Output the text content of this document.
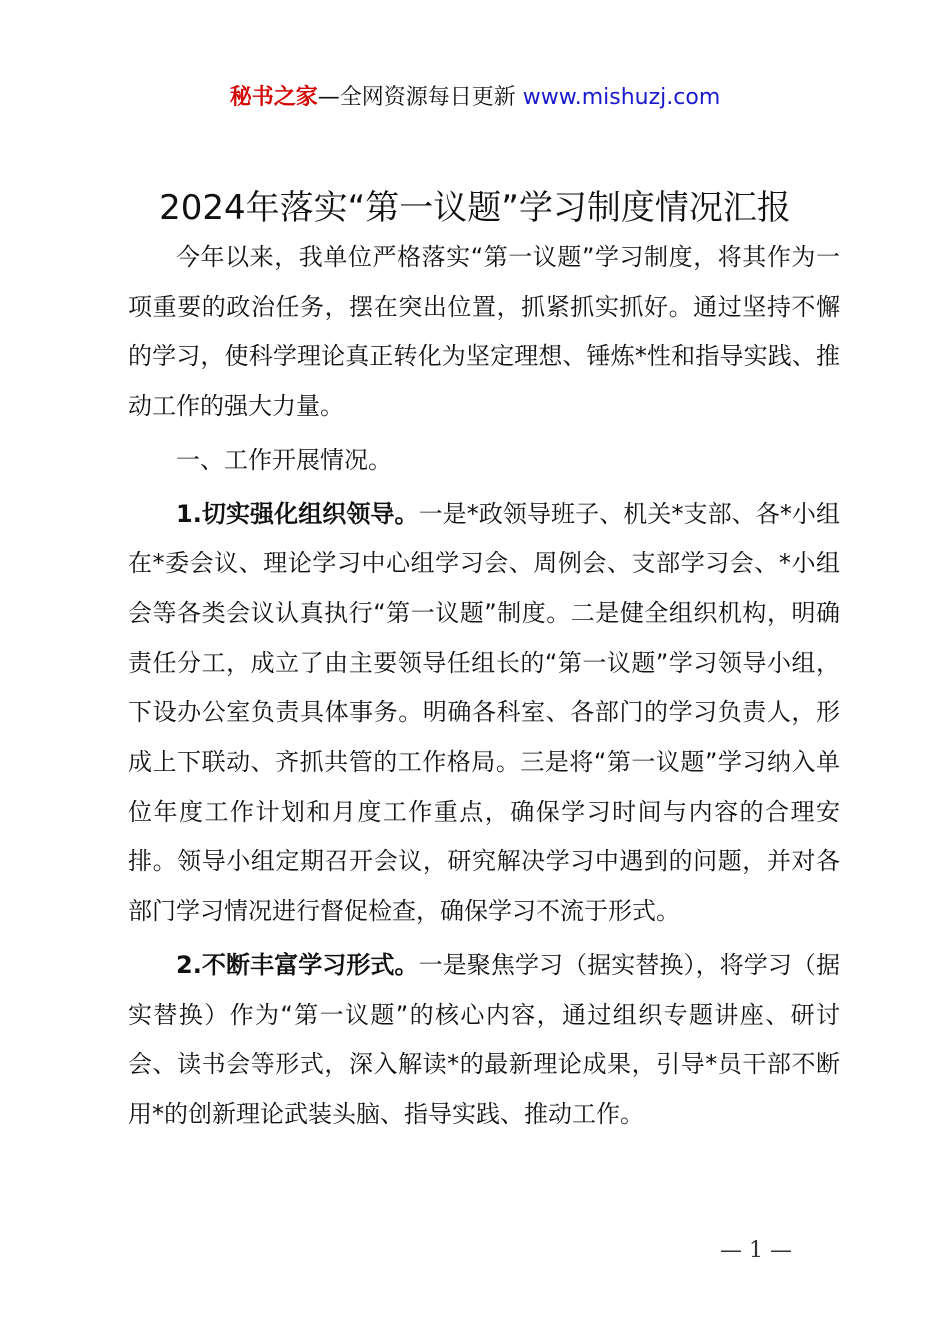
秘书之家—全网资源每日更新 www.mishuzj.com
2024年落实“第一议题”学习制度情况汇报

今年以来，我单位严格落实“第一议题”学习制度，将其作为一项重要的政治任务，摆在突出位置，抓紧抓实抓好。通过坚持不懈的学习，使科学理论真正转化为坚定理想、锤炼*性和指导实践、推动工作的强大力量。

一、工作开展情况。

1.切实强化组织领导。一是*政领导班子、机关*支部、各*小组在*委会议、理论学习中心组学习会、周例会、支部学习会、*小组会等各类会议认真执行“第一议题”制度。二是健全组织机构，明确责任分工，成立了由主要领导任组长的“第一议题”学习领导小组，下设办公室负责具体事务。明确各科室、各部门的学习负责人，形成上下联动、齐抓共管的工作格局。三是将“第一议题”学习纳入单位年度工作计划和月度工作重点，确保学习时间与内容的合理安排。领导小组定期召开会议，研究解决学习中遇到的问题，并对各部门学习情况进行督促检查，确保学习不流于形式。

2.不断丰富学习形式。一是聚焦学习（据实替换），将学习（据实替换）作为“第一议题”的核心内容，通过组织专题讲座、研讨会、读书会等形式，深入解读*的最新理论成果，引导*员干部不断用*的创新理论武装头脑、指导实践、推动工作。

— 1 —
